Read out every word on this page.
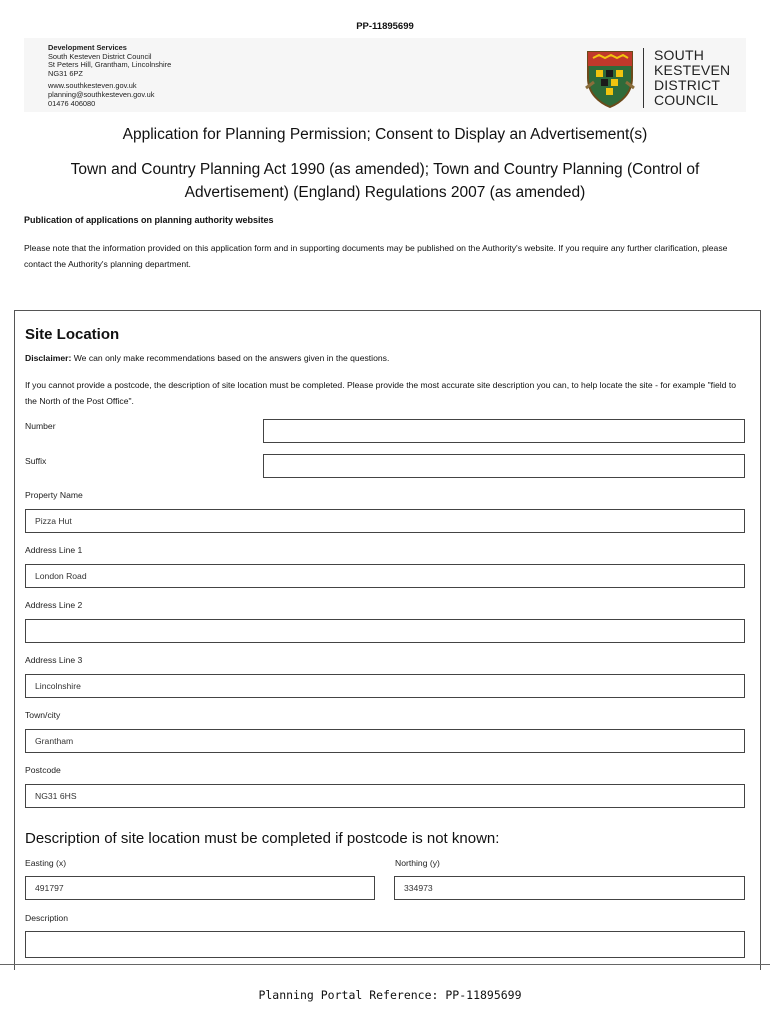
PP-11895699
Development Services
South Kesteven District Council
St Peters Hill, Grantham, Lincolnshire
NG31 6PZ
www.southkesteven.gov.uk
planning@southkesteven.gov.uk
01476 406080
SOUTH
KESTEVEN
DISTRICT
COUNCIL
Application for Planning Permission; Consent to Display an Advertisement(s)
Town and Country Planning Act 1990 (as amended); Town and Country Planning (Control of Advertisement) (England) Regulations 2007 (as amended)
Publication of applications on planning authority websites
Please note that the information provided on this application form and in supporting documents may be published on the Authority's website. If you require any further clarification, please contact the Authority's planning department.
Site Location
Disclaimer: We can only make recommendations based on the answers given in the questions.
If you cannot provide a postcode, the description of site location must be completed. Please provide the most accurate site description you can, to help locate the site - for example "field to the North of the Post Office".
Number
Suffix
Property Name
Pizza Hut
Address Line 1
London Road
Address Line 2
Address Line 3
Lincolnshire
Town/city
Grantham
Postcode
NG31 6HS
Description of site location must be completed if postcode is not known:
Easting (x)
491797
Northing (y)
334973
Description
Planning Portal Reference: PP-11895699
